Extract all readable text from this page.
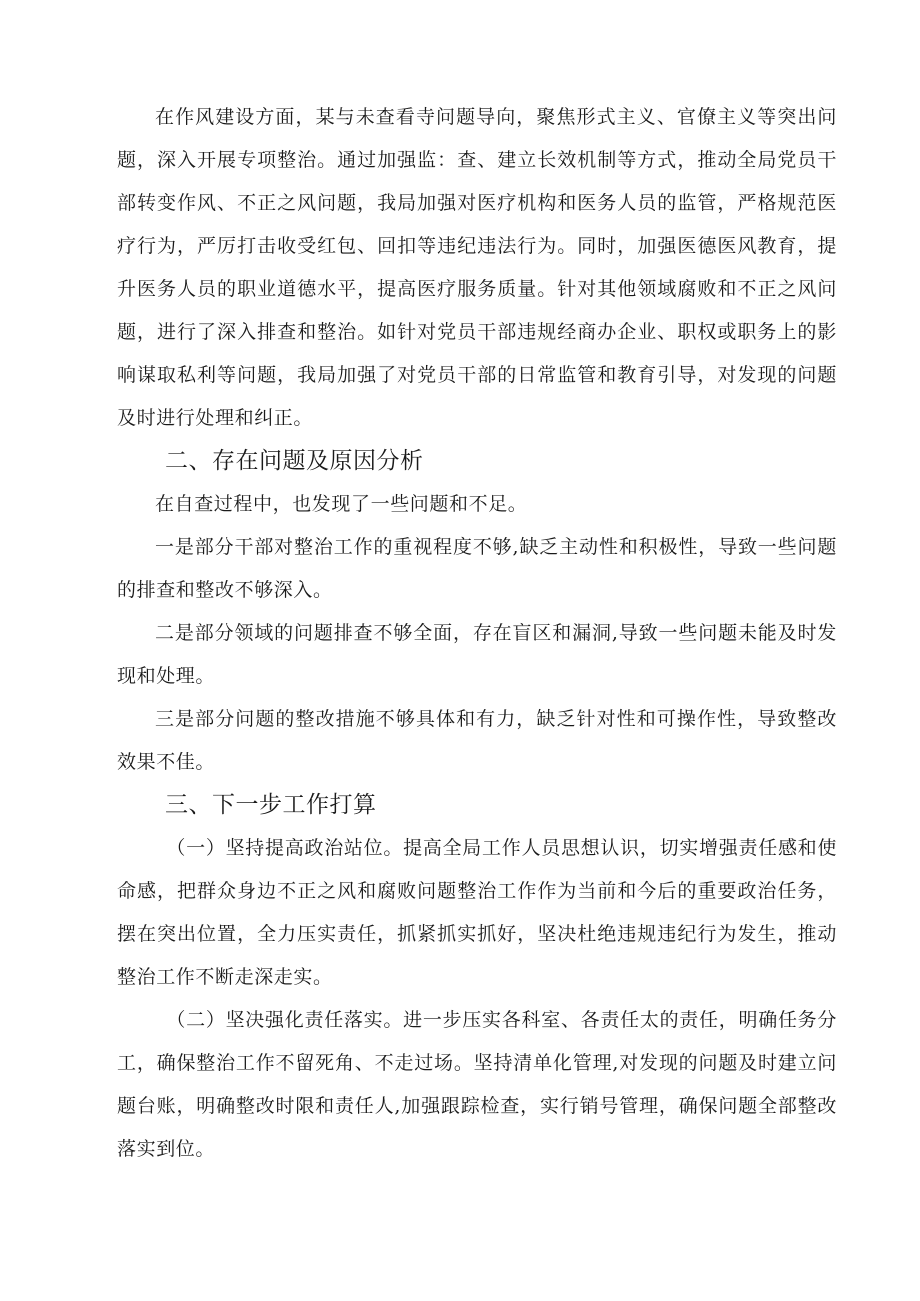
在作风建设方面，某与未查看寺问题导向，聚焦形式主义、官僚主义等突出问题，深入开展专项整治。通过加强监：查、建立长效机制等方式，推动全局党员干部转变作风、不正之风问题，我局加强对医疗机构和医务人员的监管，严格规范医疗行为，严厉打击收受红包、回扣等违纪违法行为。同时，加强医德医风教育，提升医务人员的职业道德水平，提高医疗服务质量。针对其他领域腐败和不正之风问题，进行了深入排查和整治。如针对党员干部违规经商办企业、职权或职务上的影响谋取私利等问题，我局加强了对党员干部的日常监管和教育引导，对发现的问题及时进行处理和纠正。

二、存在问题及原因分析

在自查过程中，也发现了一些问题和不足。

一是部分干部对整治工作的重视程度不够,缺乏主动性和积极性，导致一些问题的排查和整改不够深入。

二是部分领域的问题排查不够全面，存在盲区和漏洞,导致一些问题未能及时发现和处理。

三是部分问题的整改措施不够具体和有力，缺乏针对性和可操作性，导致整改效果不佳。

三、下一步工作打算

（一）坚持提高政治站位。提高全局工作人员思想认识，切实增强责任感和使命感，把群众身边不正之风和腐败问题整治工作作为当前和今后的重要政治任务，摆在突出位置，全力压实责任，抓紧抓实抓好，坚决杜绝违规违纪行为发生，推动整治工作不断走深走实。

（二）坚决强化责任落实。进一步压实各科室、各责任太的责任，明确任务分工，确保整治工作不留死角、不走过场。坚持清单化管理,对发现的问题及时建立问题台账，明确整改时限和责任人,加强跟踪检查，实行销号管理，确保问题全部整改落实到位。
